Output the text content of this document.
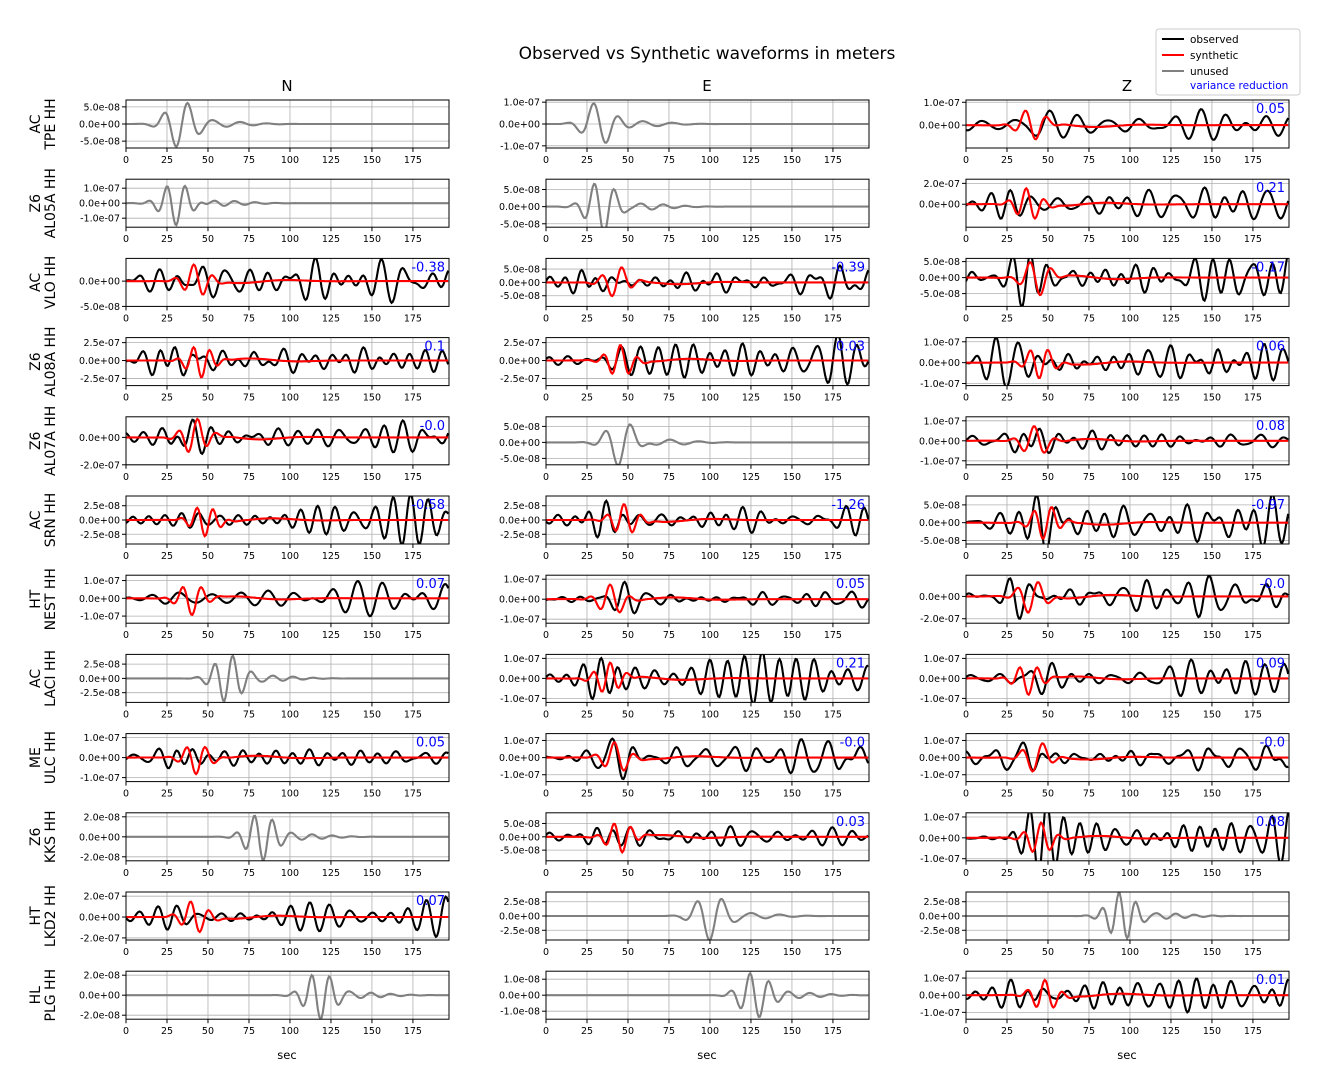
Observed vs Synthetic waveforms in meters
observed
synthetic
unused
variance reduction
N	E	Z
sec	sec	sec
AC TPE HH
0	25	50	75	100 125 150 175
5.0e-08
0.0e+00
-5.0e-08
0	25	50	75	100 125 150 175
1.0e-07
0.0e+00
-1.0e-07
0	25	50	75	100 125 150 175
1.0e-07
0.0e+00
0.05
Z6 AL05A HH
0	25	50	75	100 125 150 175
1.0e-07
0.0e+00
-1.0e-07
0	25	50	75	100 125 150 175
5.0e-08
0.0e+00
-5.0e-08
0	25	50	75	100 125 150 175
2.0e-07
0.0e+00
0.21
AC VLO HH
0	25	50	75	100 125 150 175
0.0e+00
-5.0e-08
-0.38
0	25	50	75	100 125 150 175
5.0e-08
0.0e+00
-5.0e-08
-0.39
0	25	50	75	100 125 150 175
5.0e-08
0.0e+00
-5.0e-08
-0.17
Z6 AL08A HH
0	25	50	75	100 125 150 175
2.5e-07
0.0e+00
-2.5e-07
0.1
0	25	50	75	100 125 150 175
2.5e-07
0.0e+00
-2.5e-07
0.03
0	25	50	75	100 125 150 175
1.0e-07
0.0e+00
-1.0e-07
0.06
Z6 AL07A HH
0	25	50	75	100 125 150 175
0.0e+00
-2.0e-07
-0.0
0	25	50	75	100 125 150 175
5.0e-08
0.0e+00
-5.0e-08
0	25	50	75	100 125 150 175
1.0e-07
0.0e+00
-1.0e-07
0.08
AC SRN HH
0	25	50	75	100 125 150 175
2.5e-08
0.0e+00
-2.5e-08
-0.58
0	25	50	75	100 125 150 175
2.5e-08
0.0e+00
-2.5e-08
-1.26
0	25	50	75	100 125 150 175
5.0e-08
0.0e+00
-5.0e-08
-0.97
HT NEST HH
0	25	50	75	100 125 150 175
1.0e-07
0.0e+00
-1.0e-07
0.07
0	25	50	75	100 125 150 175
1.0e-07
0.0e+00
-1.0e-07
0.05
0	25	50	75	100 125 150 175
0.0e+00
-2.0e-07
-0.0
AC LACI HH
0	25	50	75	100 125 150 175
2.5e-08
0.0e+00
-2.5e-08
0	25	50	75	100 125 150 175
1.0e-07
0.0e+00
-1.0e-07
0.21
0	25	50	75	100 125 150 175
1.0e-07
0.0e+00
-1.0e-07
0.09
ME ULC HH
0	25	50	75	100 125 150 175
1.0e-07
0.0e+00
-1.0e-07
0.05
0	25	50	75	100 125 150 175
1.0e-07
0.0e+00
-1.0e-07
-0.0
0	25	50	75	100 125 150 175
1.0e-07
0.0e+00
-1.0e-07
-0.0
Z6 KKS HH
0	25	50	75	100 125 150 175
2.0e-08
0.0e+00
-2.0e-08
0	25	50	75	100 125 150 175
5.0e-08
0.0e+00
-5.0e-08
0.03
0	25	50	75	100 125 150 175
1.0e-07
0.0e+00
-1.0e-07
0.08
HT LKD2 HH
0	25	50	75	100 125 150 175
2.0e-07
0.0e+00
-2.0e-07
0.07
0	25	50	75	100 125 150 175
2.5e-08
0.0e+00
-2.5e-08
0	25	50	75	100 125 150 175
2.5e-08
0.0e+00
-2.5e-08
HL PLG HH
0	25	50	75	100 125 150 175
2.0e-08
0.0e+00
-2.0e-08
0	25	50	75	100 125 150 175
1.0e-08
0.0e+00
-1.0e-08
0	25	50	75	100 125 150 175
1.0e-07
0.0e+00
-1.0e-07
0.01
